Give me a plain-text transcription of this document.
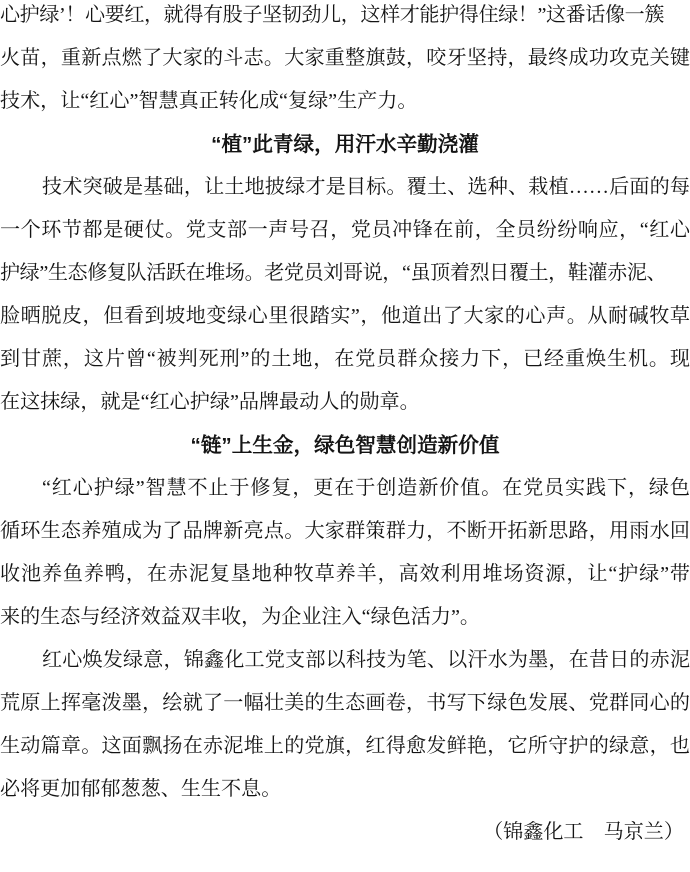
心护绿’！心要红，就得有股子坚韧劲儿，这样才能护得住绿！”这番话像一簇
火苗，重新点燃了大家的斗志。大家重整旗鼓，咬牙坚持，最终成功攻克关键
技术，让“红心”智慧真正转化成“复绿”生产力。
“植”此青绿，用汗水辛勤浇灌
技术突破是基础，让土地披绿才是目标。覆土、选种、栽植……后面的每
一个环节都是硬仗。党支部一声号召，党员冲锋在前，全员纷纷响应，“红心
护绿”生态修复队活跃在堆场。老党员刘哥说，“虽顶着烈日覆土，鞋灌赤泥、
脸晒脱皮，但看到坡地变绿心里很踏实”，他道出了大家的心声。从耐碱牧草
到甘蔗，这片曾“被判死刑”的土地，在党员群众接力下，已经重焕生机。现
在这抹绿，就是“红心护绿”品牌最动人的勋章。
“链”上生金，绿色智慧创造新价值
“红心护绿”智慧不止于修复，更在于创造新价值。在党员实践下，绿色
循环生态养殖成为了品牌新亮点。大家群策群力，不断开拓新思路，用雨水回
收池养鱼养鸭，在赤泥复垦地种牧草养羊，高效利用堆场资源，让“护绿”带
来的生态与经济效益双丰收，为企业注入“绿色活力”。
红心焕发绿意，锦鑫化工党支部以科技为笔、以汗水为墨，在昔日的赤泥
荒原上挥毫泼墨，绘就了一幅壮美的生态画卷，书写下绿色发展、党群同心的
生动篇章。这面飘扬在赤泥堆上的党旗，红得愈发鲜艳，它所守护的绿意，也
必将更加郁郁葱葱、生生不息。
（锦鑫化工　马京兰）
